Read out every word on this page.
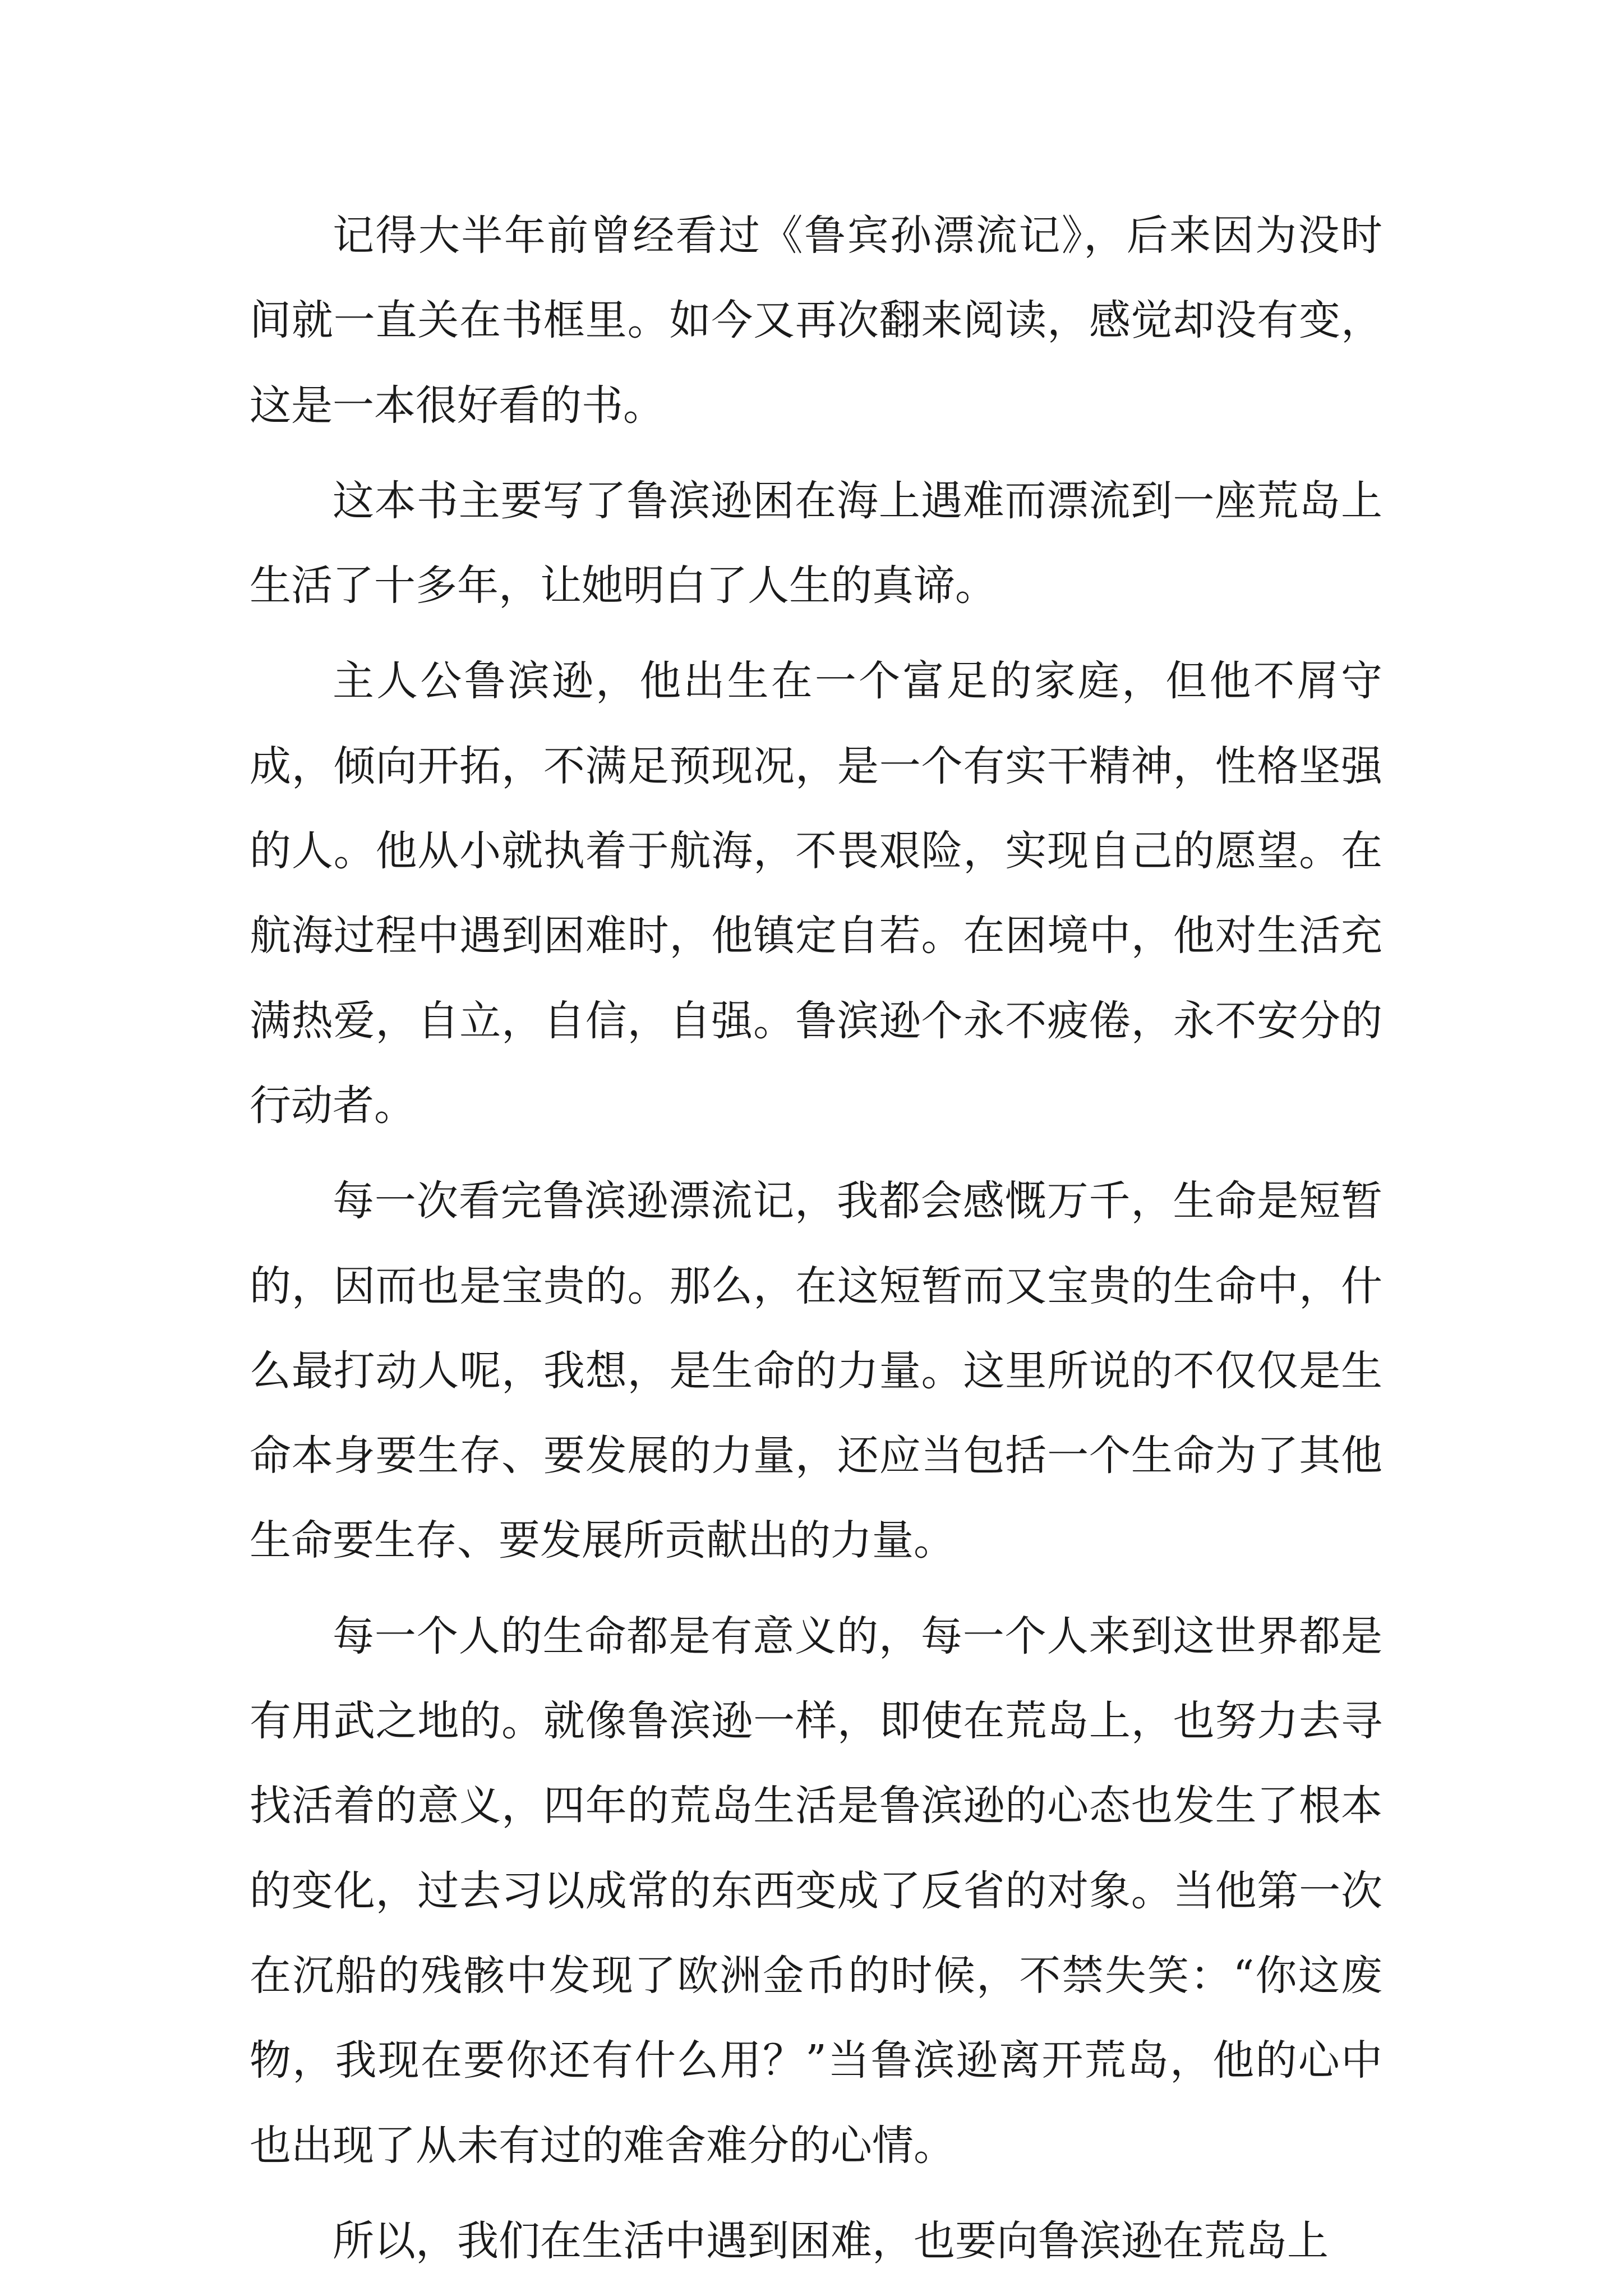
记得大半年前曾经看过《鲁宾孙漂流记》，后来因为没时间就一直关在书框里。如今又再次翻来阅读，感觉却没有变，这是一本很好看的书。

这本书主要写了鲁滨逊困在海上遇难而漂流到一座荒岛上生活了十多年，让她明白了人生的真谛。

主人公鲁滨逊，他出生在一个富足的家庭，但他不屑守成，倾向开拓，不满足预现况，是一个有实干精神，性格坚强的人。他从小就执着于航海，不畏艰险，实现自己的愿望。在航海过程中遇到困难时，他镇定自若。在困境中，他对生活充满热爱，自立，自信，自强。鲁滨逊个永不疲倦，永不安分的行动者。

每一次看完鲁滨逊漂流记，我都会感慨万千，生命是短暂的，因而也是宝贵的。那么，在这短暂而又宝贵的生命中，什么最打动人呢，我想，是生命的力量。这里所说的不仅仅是生命本身要生存、要发展的力量，还应当包括一个生命为了其他生命要生存、要发展所贡献出的力量。

每一个人的生命都是有意义的，每一个人来到这世界都是有用武之地的。就像鲁滨逊一样，即使在荒岛上，也努力去寻找活着的意义，四年的荒岛生活是鲁滨逊的心态也发生了根本的变化，过去习以成常的东西变成了反省的对象。当他第一次在沉船的残骸中发现了欧洲金币的时候，不禁失笑：“你这废物，我现在要你还有什么用？”当鲁滨逊离开荒岛，他的心中也出现了从未有过的难舍难分的心情。

所以，我们在生活中遇到困难，也要向鲁滨逊在荒岛上
